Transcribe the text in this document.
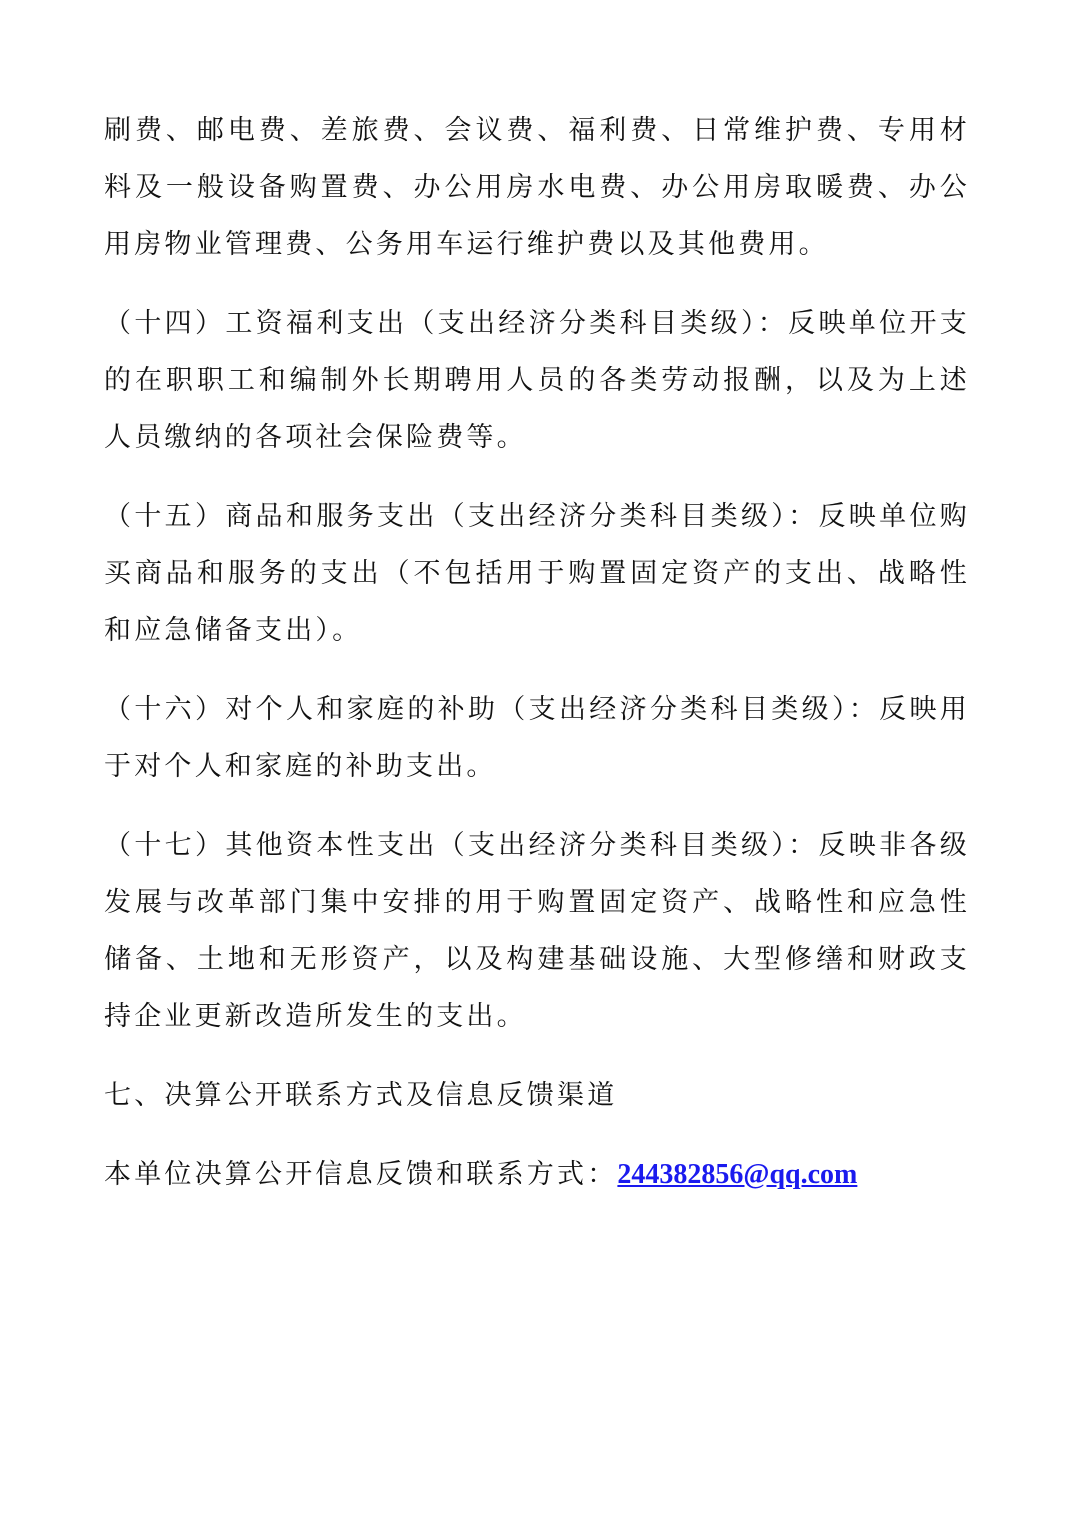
刷费、邮电费、差旅费、会议费、福利费、日常维护费、专用材料及一般设备购置费、办公用房水电费、办公用房取暖费、办公用房物业管理费、公务用车运行维护费以及其他费用。

（十四）工资福利支出（支出经济分类科目类级）：反映单位开支的在职职工和编制外长期聘用人员的各类劳动报酬，以及为上述人员缴纳的各项社会保险费等。

（十五）商品和服务支出（支出经济分类科目类级）：反映单位购买商品和服务的支出（不包括用于购置固定资产的支出、战略性和应急储备支出）。

（十六）对个人和家庭的补助（支出经济分类科目类级）：反映用于对个人和家庭的补助支出。

（十七）其他资本性支出（支出经济分类科目类级）：反映非各级发展与改革部门集中安排的用于购置固定资产、战略性和应急性储备、土地和无形资产，以及构建基础设施、大型修缮和财政支持企业更新改造所发生的支出。

七、决算公开联系方式及信息反馈渠道

本单位决算公开信息反馈和联系方式：244382856@qq.com
